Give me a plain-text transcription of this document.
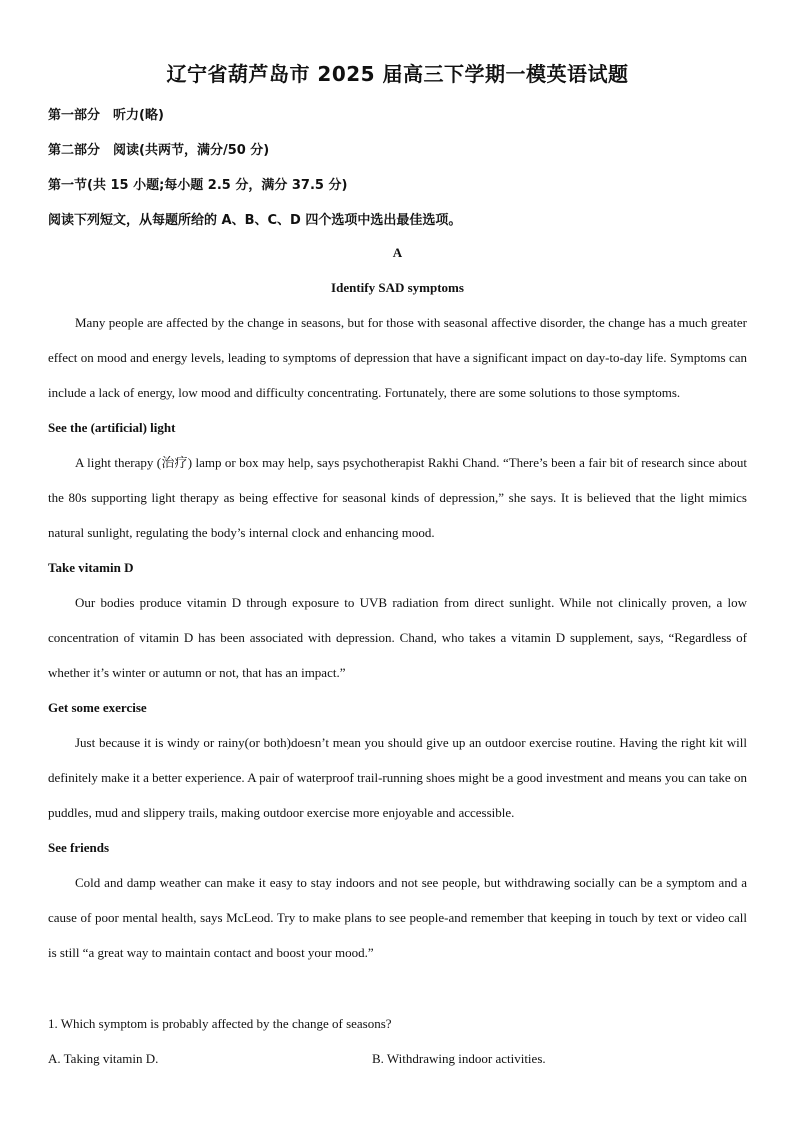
辽宁省葫芦岛市 2025 届高三下学期一模英语试题
第一部分　听力(略)
第二部分　阅读(共两节，满分/50 分)
第一节(共 15 小题;每小题 2.5 分，满分 37.5 分)
阅读下列短文，从每题所给的 A、B、C、D 四个选项中选出最佳选项。
A
Identify SAD symptoms

Many people are affected by the change in seasons, but for those with seasonal affective disorder, the change has a much greater effect on mood and energy levels, leading to symptoms of depression that have a significant impact on day-to-day life. Symptoms can include a lack of energy, low mood and difficulty concentrating. Fortunately, there are some solutions to those symptoms.

See the (artificial) light

A light therapy (治疗) lamp or box may help, says psychotherapist Rakhi Chand. “There’s been a fair bit of research since about the 80s supporting light therapy as being effective for seasonal kinds of depression,” she says. It is believed that the light mimics natural sunlight, regulating the body’s internal clock and enhancing mood.

Take vitamin D

Our bodies produce vitamin D through exposure to UVB radiation from direct sunlight. While not clinically proven, a low concentration of vitamin D has been associated with depression. Chand, who takes a vitamin D supplement, says, “Regardless of whether it’s winter or autumn or not, that has an impact.”

Get some exercise

Just because it is windy or rainy(or both)doesn’t mean you should give up an outdoor exercise routine. Having the right kit will definitely make it a better experience. A pair of waterproof trail-running shoes might be a good investment and means you can take on puddles, mud and slippery trails, making outdoor exercise more enjoyable and accessible.

See friends

Cold and damp weather can make it easy to stay indoors and not see people, but withdrawing socially can be a symptom and a cause of poor mental health, says McLeod. Try to make plans to see people-and remember that keeping in touch by text or video call is still “a great way to maintain contact and boost your mood.”

1. Which symptom is probably affected by the change of seasons?
A. Taking vitamin D.	B. Withdrawing indoor activities.
